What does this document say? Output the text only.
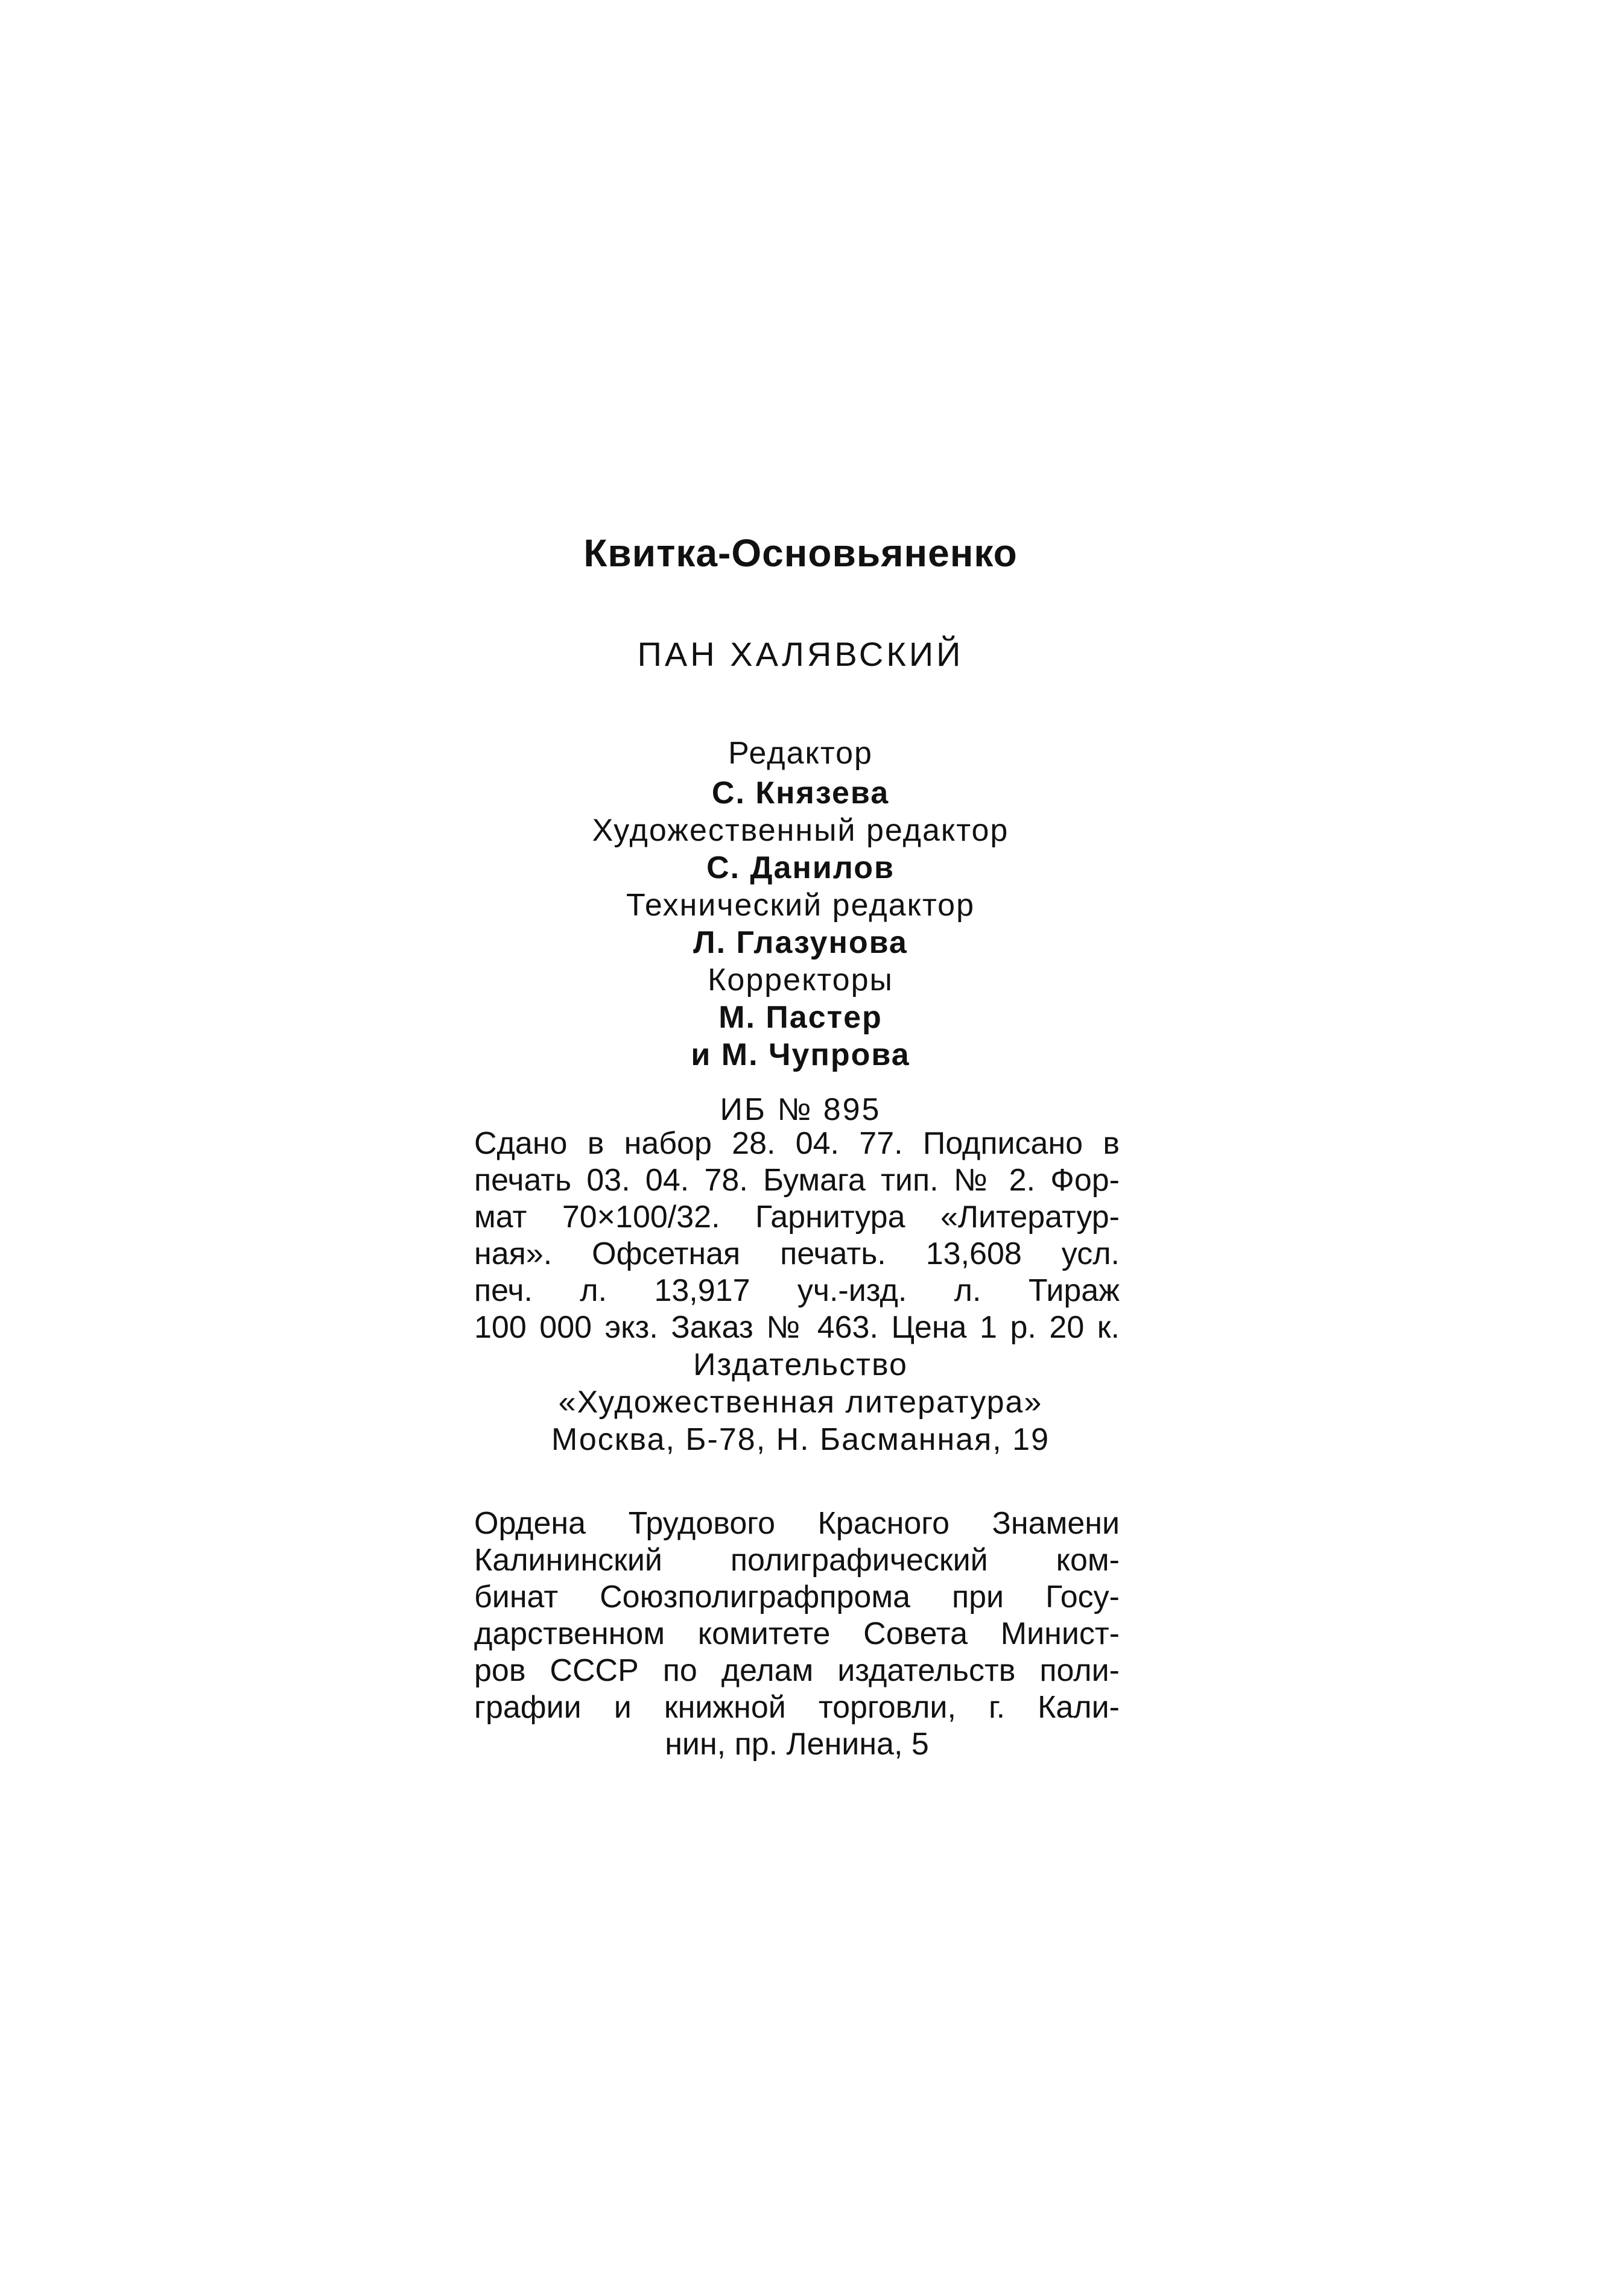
Квитка-Основьяненко
ПАН ХАЛЯВСКИЙ
Редактор
С. Князева
Художественный редактор
С. Данилов
Технический редактор
Л. Глазунова
Корректоры
М. Пастер
и М. Чупрова
ИБ № 895
Сдано в набор 28. 04. 77. Подписано в
печать 03. 04. 78. Бумага тип. № 2. Фор-
мат 70×100/32. Гарнитура «Литератур-
ная». Офсетная печать. 13,608 усл.
печ. л. 13,917 уч.-изд. л. Тираж
100 000 экз. Заказ № 463. Цена 1 р. 20 к.
Издательство
«Художественная литература»
Москва, Б-78, Н. Басманная, 19
Ордена Трудового Красного Знамени
Калининский полиграфический ком-
бинат Союзполиграфпрома при Госу-
дарственном комитете Совета Минист-
ров СССР по делам издательств поли-
графии и книжной торговли, г. Кали-
нин, пр. Ленина, 5
